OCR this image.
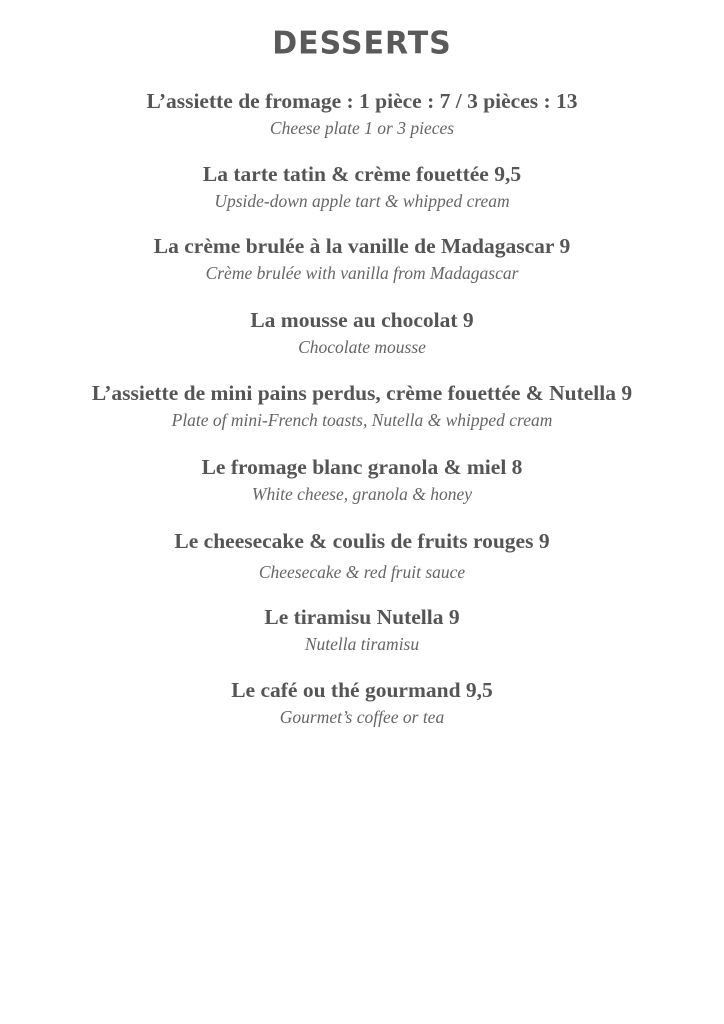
DESSERTS
L’assiette de fromage : 1 pièce : 7 / 3 pièces : 13
Cheese plate 1 or 3 pieces
La tarte tatin & crème fouettée 9,5
Upside-down apple tart & whipped cream
La crème brulée à la vanille de Madagascar 9
Crème brulée with vanilla from Madagascar
La mousse au chocolat 9
Chocolate mousse
L’assiette de mini pains perdus, crème fouettée & Nutella 9
Plate of mini-French toasts, Nutella & whipped cream
Le fromage blanc granola & miel 8
White cheese, granola & honey
Le cheesecake & coulis de fruits rouges 9
Cheesecake & red fruit sauce
Le tiramisu Nutella 9
Nutella tiramisu
Le café ou thé gourmand 9,5
Gourmet’s coffee or tea
